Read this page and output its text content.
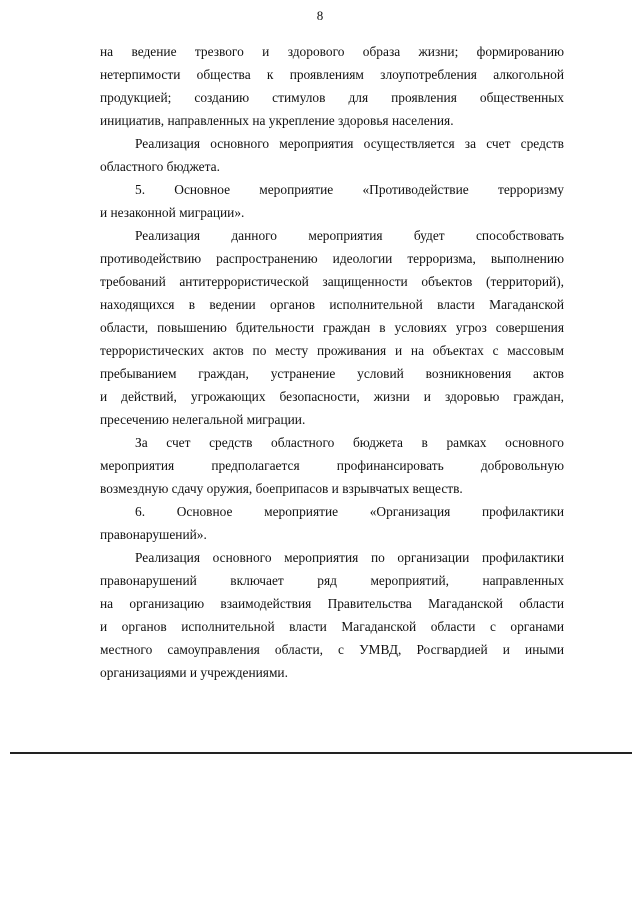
8
на ведение трезвого и здорового образа жизни; формированию
нетерпимости общества к проявлениям злоупотребления алкогольной
продукцией; созданию стимулов для проявления общественных
инициатив, направленных на укрепление здоровья населения.
Реализация основного мероприятия осуществляется за счет средств
областного бюджета.
5. Основное мероприятие «Противодействие терроризму
и незаконной миграции».
Реализация данного мероприятия будет способствовать
противодействию распространению идеологии терроризма, выполнению
требований антитеррористической защищенности объектов (территорий),
находящихся в ведении органов исполнительной власти Магаданской
области, повышению бдительности граждан в условиях угроз совершения
террористических актов по месту проживания и на объектах с массовым
пребыванием граждан, устранение условий возникновения актов
и действий, угрожающих безопасности, жизни и здоровью граждан,
пресечению нелегальной миграции.
За счет средств областного бюджета в рамках основного
мероприятия предполагается профинансировать добровольную
возмездную сдачу оружия, боеприпасов и взрывчатых веществ.
6. Основное мероприятие «Организация профилактики
правонарушений».
Реализация основного мероприятия по организации профилактики
правонарушений включает ряд мероприятий, направленных
на организацию взаимодействия Правительства Магаданской области
и органов исполнительной власти Магаданской области с органами
местного самоуправления области, с УМВД, Росгвардией и иными
организациями и учреждениями.
